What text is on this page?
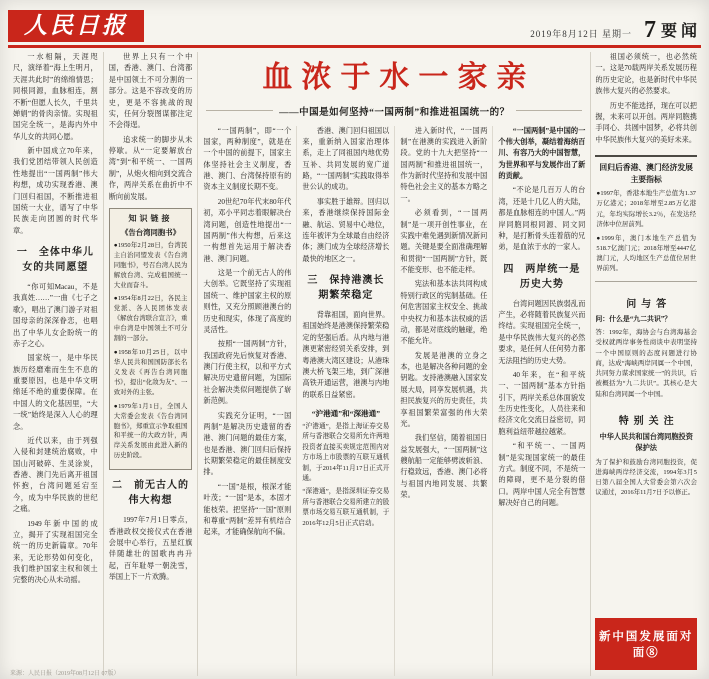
人民日报	2019年8月12日 星期一 7 要闻

一水相隔，天涯咫尺，演绎着“海上生明月，天涯共此时”的绵绵情思；同根同源，血脉相连，割不断“但愿人长久，千里共婵娟”的骨肉亲情。实现祖国完全统一，是海内外中华儿女的共同心愿。

新中国成立70年来，我们党团结带领人民创造性地提出“一国两制”伟大构想，成功实现香港、澳门回归祖国，不断推进祖国统一大业，谱写了中华民族走向团圆的时代华章。

一　全体中华儿女的共同愿望

“你可知Macau，不是我真姓……”一曲《七子之歌》，唱出了澳门游子对祖国母亲的深深眷恋，也唱出了中华儿女企盼统一的赤子之心。

国家统一，是中华民族历经磨难而生生不息的重要原因，也是中华文明绵延不绝的重要保障。在中国人的文化基因里，“大一统”始终是深入人心的理念。

近代以来，由于列强入侵和封建统治腐败，中国山河破碎、生灵涂炭，香港、澳门先后离开祖国怀抱，台湾问题延宕至今，成为中华民族的世纪之痛。

1949年新中国的成立，揭开了实现祖国完全统一的历史新篇章。70年来，无论形势如何变化，我们维护国家主权和领土完整的决心从未动摇。

世界上只有一个中国，香港、澳门、台湾都是中国领土不可分割的一部分。这是不容改变的历史，更是不容挑战的现实，任何分裂图谋都注定不会得逞。

追求统一的脚步从未停歇。从“一定要解放台湾”到“和平统一、一国两制”，从炮火相向到交流合作，两岸关系在曲折中不断向前发展。

知识链接
《告台湾同胞书》

●1950年2月28日，台湾民主自治同盟发表《告台湾同胞书》，号召台湾人民为解放台湾、完成祖国统一大业而奋斗。

●1954年8月22日，各民主党派、各人民团体发表《解放台湾联合宣言》，重申台湾是中国领土不可分割的一部分。

●1958年10月25日，以中华人民共和国国防部长名义发表《再告台湾同胞书》，提出“化敌为友”、一致对外的主张。

●1979年1月1日，全国人大常委会发表《告台湾同胞书》，郑重宣示争取祖国和平统一的大政方针，两岸关系发展由此进入新的历史阶段。

二　前无古人的伟大构想

1997年7月1日零点，香港政权交接仪式在香港会展中心举行，五星红旗伴随雄壮的国歌冉冉升起，百年耻辱一朝洗雪，举国上下一片欢腾。

血浓于水一家亲
——中国是如何坚持“一国两制”和推进祖国统一的？

“一国两制”，即“一个国家，两种制度”，就是在一个中国的前提下，国家主体坚持社会主义制度，香港、澳门、台湾保持原有的资本主义制度长期不变。

20世纪70年代末80年代初，邓小平同志着眼解决台湾问题，创造性地提出“一国两制”伟大构想，后来这一构想首先运用于解决香港、澳门问题。

这是一个前无古人的伟大创举。它既坚持了实现祖国统一、维护国家主权的原则性，又充分照顾港澳台的历史和现实，体现了高度的灵活性。

按照“一国两制”方针，我国政府先后恢复对香港、澳门行使主权，以和平方式解决历史遗留问题，为国际社会解决类似问题提供了崭新范例。

实践充分证明，“一国两制”是解决历史遗留的香港、澳门问题的最佳方案，也是香港、澳门回归后保持长期繁荣稳定的最佳制度安排。

“一国”是根，根深才能叶茂；“一国”是本，本固才能枝荣。把坚持“一国”原则和尊重“两制”差异有机结合起来，才能确保航向不偏。

香港、澳门回归祖国以来，重新纳入国家治理体系，走上了同祖国内地优势互补、共同发展的宽广道路，“一国两制”实践取得举世公认的成功。

事实胜于雄辩。回归以来，香港继续保持国际金融、航运、贸易中心地位，连年被评为全球最自由经济体；澳门成为全球经济增长最快的地区之一。

三　保持港澳长期繁荣稳定

背靠祖国，面向世界。祖国始终是港澳保持繁荣稳定的坚强后盾。从内地与港澳更紧密经贸关系安排，到粤港澳大湾区建设；从港珠澳大桥飞架三地，到广深港高铁开通运营，港澳与内地的联系日益紧密。

“沪港通”和“深港通”

“沪港通”，是指上海证券交易所与香港联合交易所允许两地投资者直接买卖规定范围内对方市场上市股票的互联互通机制，于2014年11月17日正式开通。

“深港通”，是指深圳证券交易所与香港联合交易所建立的股票市场交易互联互通机制，于2016年12月5日正式启动。

进入新时代，“一国两制”在港澳的实践进入新阶段。党的十九大把坚持“一国两制”和推进祖国统一，作为新时代坚持和发展中国特色社会主义的基本方略之一。

必须看到，“一国两制”是一项开创性事业，在实践中难免遇到新情况新问题。关键是要全面准确理解和贯彻“一国两制”方针，既不能变形、也不能走样。

宪法和基本法共同构成特别行政区的宪制基础。任何危害国家主权安全、挑战中央权力和基本法权威的活动，都是对底线的触碰，绝不能允许。

发展是港澳的立身之本，也是解决各种问题的金钥匙。支持港澳融入国家发展大局，同享发展机遇，共担民族复兴的历史责任，共享祖国繁荣富强的伟大荣光。

我们坚信，随着祖国日益发展强大，“一国两制”这艘航船一定能够劈波斩浪、行稳致远，香港、澳门必将与祖国内地同发展、共繁荣。

“一国两制”是中国的一个伟大创举，凝结着海纳百川、有容乃大的中国智慧，为世界和平与发展作出了新的贡献。

“不论是几百万人的台湾，还是十几亿人的大陆，都是血脉相连的中国人。”两岸同胞同根同源、同文同种，是打断骨头连着筋的兄弟，是血浓于水的一家人。

四　两岸统一是历史大势

台湾问题因民族弱乱而产生，必将随着民族复兴而终结。实现祖国完全统一，是中华民族伟大复兴的必然要求，是任何人任何势力都无法阻挡的历史大势。

40年来，在“和平统一、一国两制”基本方针指引下，两岸关系总体面貌发生历史性变化，人员往来和经济文化交流日益密切，同胞利益纽带越拉越紧。

“和平统一、一国两制”是实现国家统一的最佳方式。制度不同，不是统一的障碍，更不是分裂的借口。两岸中国人完全有智慧解决好自己的问题。

祖国必须统一，也必然统一。这是70载两岸关系发展历程的历史定论，也是新时代中华民族伟大复兴的必然要求。

历史不能选择，现在可以把握，未来可以开创。两岸同胞携手同心、共圆中国梦，必将共创中华民族伟大复兴的美好未来。

回归后香港、澳门经济发展主要指标

●1997年，香港本地生产总值为1.37万亿港元；2018年增至2.85万亿港元，年均实际增长3.2％，在发达经济体中位居前列。

●1999年，澳门本地生产总值为518.7亿澳门元；2018年增至4447亿澳门元，人均地区生产总值位居世界前列。

问与答

问：什么是“九二共识”？

答：1992年，海协会与台湾海基会受权就两岸事务性商谈中表明坚持一个中国原则的态度问题进行协商，达成“海峡两岸同属一个中国，共同努力谋求国家统一”的共识，后被概括为“九二共识”。其核心是大陆和台湾同属一个中国。

特别关注
中华人民共和国台湾同胞投资保护法

为了保护和鼓励台湾同胞投资，促进海峡两岸经济交流，1994年3月5日第八届全国人大常委会第六次会议通过，2016年11月7日予以修正。

新中国发展面对面⑧
来源：人民日报（2019年08月12日 07版）
